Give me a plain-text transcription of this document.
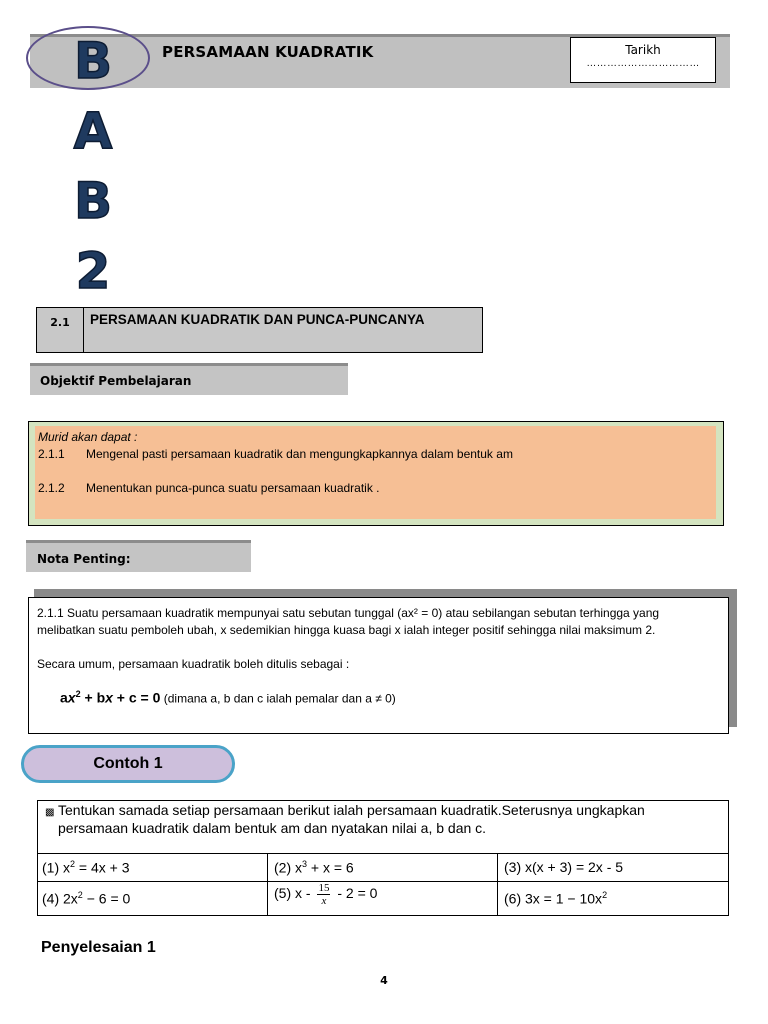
PERSAMAAN KUADRATIK	Tarikh
……………………………
B
A
B
2
2.1	PERSAMAAN KUADRATIK DAN PUNCA-PUNCANYA
Objektif Pembelajaran
Murid akan dapat :
2.1.1 Mengenal pasti persamaan kuadratik dan mengungkapkannya dalam bentuk am
2.1.2 Menentukan punca-punca suatu persamaan kuadratik .
Nota Penting:
2.1.1 Suatu persamaan kuadratik mempunyai satu sebutan tunggal (ax² = 0) atau sebilangan sebutan terhingga yang
melibatkan suatu pemboleh ubah, x sedemikian hingga kuasa bagi x ialah integer positif sehingga nilai maksimum 2.
Secara umum, persamaan kuadratik boleh ditulis sebagai :
$ax^2$ + bx + c = 0 (dimana a, b dan c ialah pemalar dan a ≠ 0)
Contoh 1
▩ Tentukan samada setiap persamaan berikut ialah persamaan kuadratik.Seterusnya ungkapkan
persamaan kuadratik dalam bentuk am dan nyatakan nilai a, b dan c.
(1) $x^2 = 4x + 3$	(2) $x^3 + x = 6$	(3) x(x + 3) = 2x - 5
(4) $2x^2 - 6 = 0$	(5) $x - \frac{15}{x} - 2 = 0$	(6) $3x = 1 - 10x^2$
Penyelesaian 1
4
